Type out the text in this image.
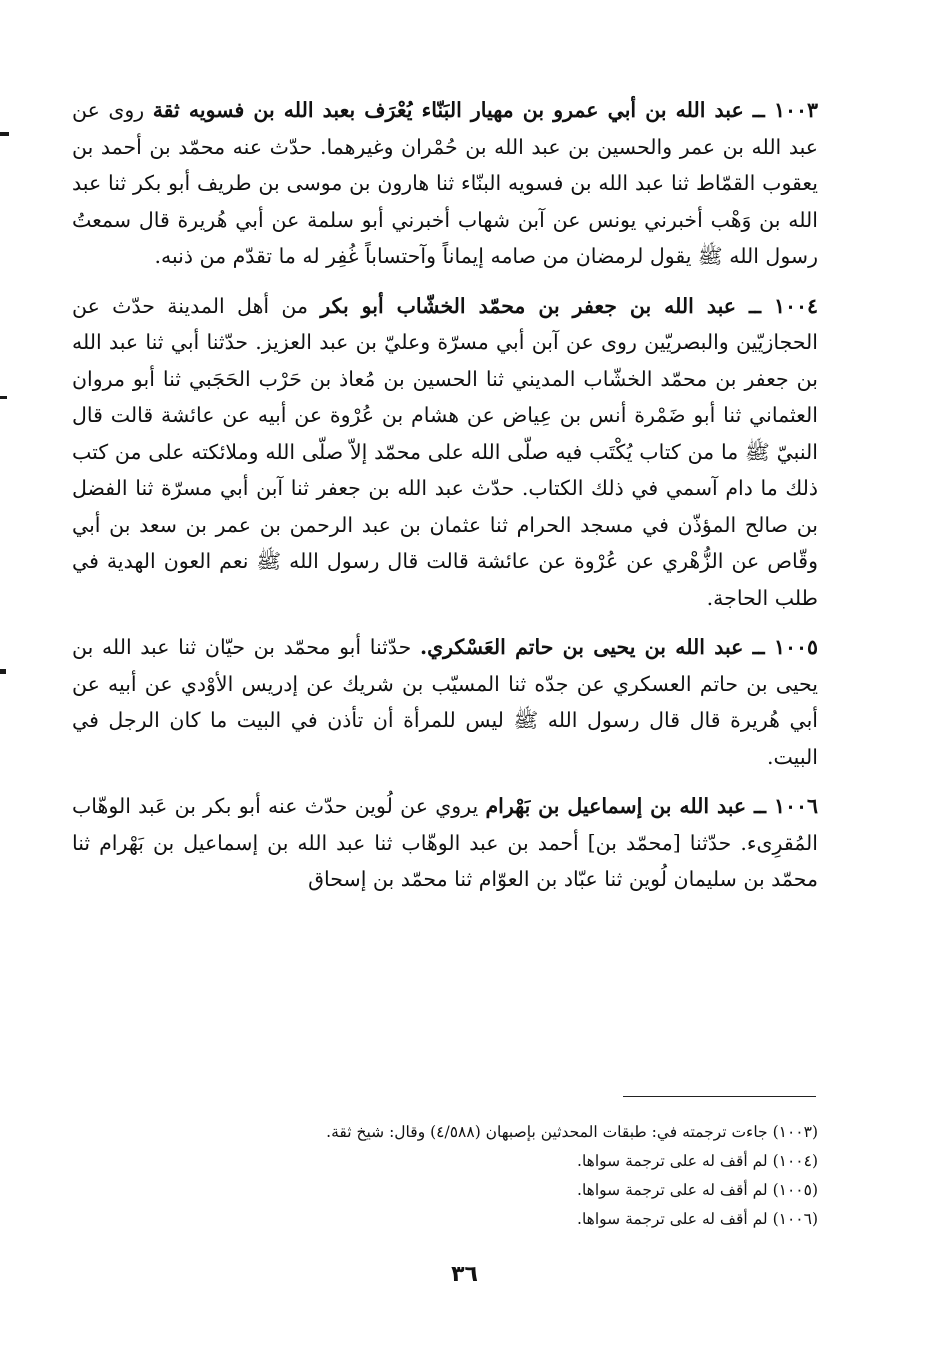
١٠٠٣ ــ عبد الله بن أبي عمرو بن مهيار البَنّاء يُعْرَف بعبد الله بن فسويه ثقة روى عن عبد الله بن عمر والحسين بن عبد الله بن حُمْران وغيرهما. حدّث عنه محمّد بن أحمد بن يعقوب القمّاط ثنا عبد الله بن فسويه البنّاء ثنا هارون بن موسى بن طريف أبو بكر ثنا عبد الله بن وَهْب أخبرني يونس عن آبن شهاب أخبرني أبو سلمة عن أبي هُريرة قال سمعتُ رسول الله ﷺ يقول لرمضان من صامه إيماناً وآحتساباً غُفِر له ما تقدّم من ذنبه.

١٠٠٤ ــ عبد الله بن جعفر بن محمّد الخشّاب أبو بكر من أهل المدينة حدّث عن الحجازيّين والبصريّين روى عن آبن أبي مسرّة وعليّ بن عبد العزيز. حدّثنا أبي ثنا عبد الله بن جعفر بن محمّد الخشّاب المديني ثنا الحسين بن مُعاذ بن حَرْب الحَجَبي ثنا أبو مروان العثماني ثنا أبو ضَمْرة أنس بن عِياض عن هشام بن عُرْوة عن أبيه عن عائشة قالت قال النبيّ ﷺ ما من كتاب يُكْتَب فيه صلّى الله على محمّد إلاّ صلّى الله وملائكته على من كتب ذلك ما دام آسمي في ذلك الكتاب. حدّث عبد الله بن جعفر ثنا آبن أبي مسرّة ثنا الفضل بن صالح المؤذّن في مسجد الحرام ثنا عثمان بن عبد الرحمن بن عمر بن سعد بن أبي وقّاص عن الزُّهْري عن عُرْوة عن عائشة قالت قال رسول الله ﷺ نعم العون الهدية في طلب الحاجة.

١٠٠٥ ــ عبد الله بن يحيى بن حاتم العَسْكري. حدّثنا أبو محمّد بن حيّان ثنا عبد الله بن يحيى بن حاتم العسكري عن جدّه ثنا المسيّب بن شريك عن إدريس الأوْدي عن أبيه عن أبي هُريرة قال قال رسول الله ﷺ ليس للمرأة أن تأذن في البيت ما كان الرجل في البيت.

١٠٠٦ ــ عبد الله بن إسماعيل بن بَهْرام يروي عن لُوين حدّث عنه أبو بكر بن عَبد الوهّاب المُقرِىء. حدّثنا [محمّد بن] أحمد بن عبد الوهّاب ثنا عبد الله بن إسماعيل بن بَهْرام ثنا محمّد بن سليمان لُوين ثنا عبّاد بن العوّام ثنا محمّد بن إسحاق

(١٠٠٣) جاءت ترجمته في: طبقات المحدثين بإصبهان (٤/٥٨٨) وقال: شيخ ثقة.
(١٠٠٤) لم أقف له على ترجمة سواها.
(١٠٠٥) لم أقف له على ترجمة سواها.
(١٠٠٦) لم أقف له على ترجمة سواها.
٣٦
